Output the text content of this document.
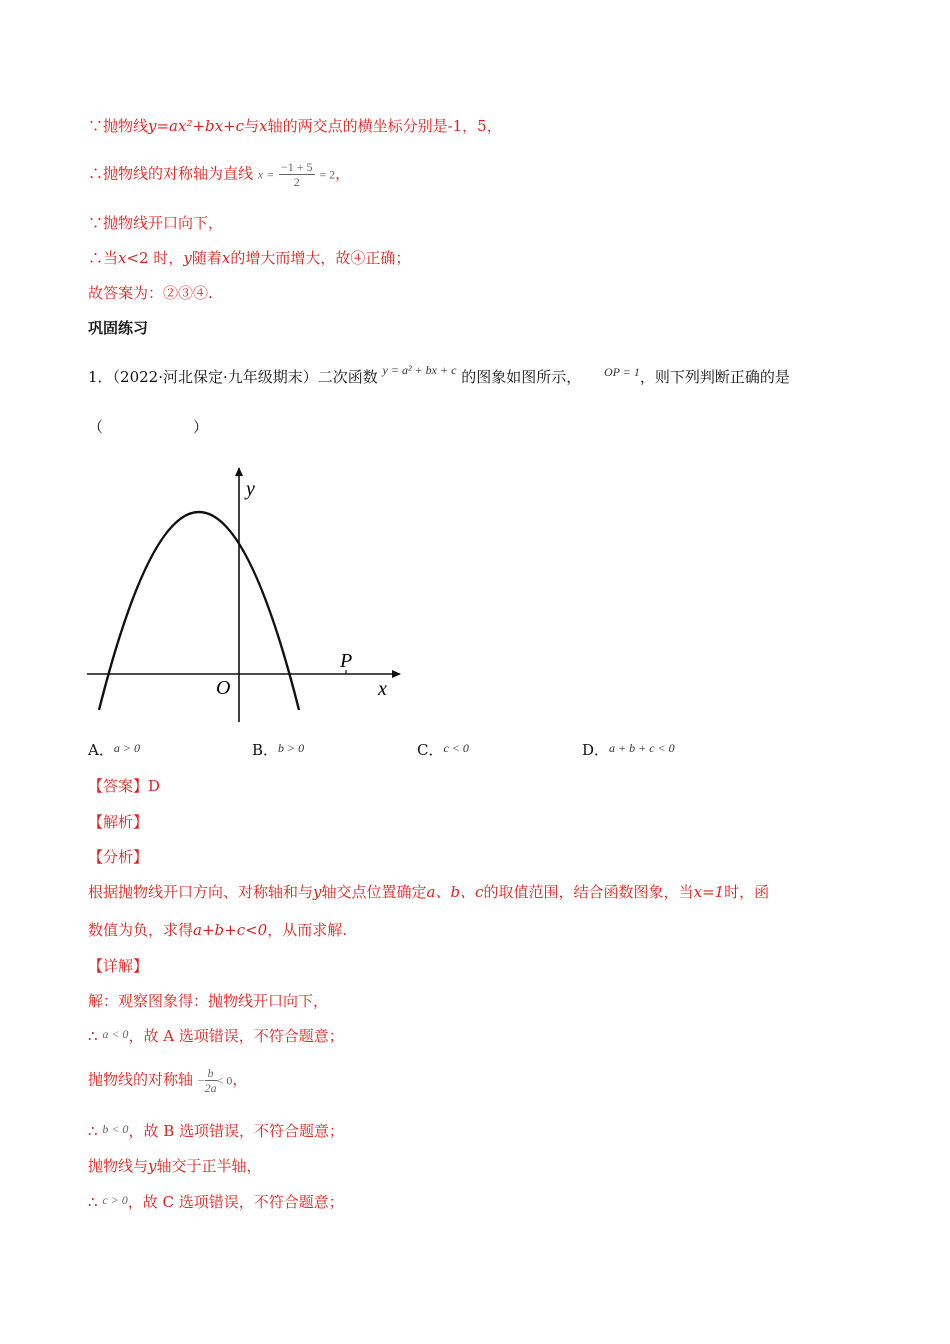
∵抛物线y=ax²+bx+c与x轴的两交点的横坐标分别是-1，5，
∴抛物线的对称轴为直线 $x = \frac{-1 + 5}{2} = 2$，
∵抛物线开口向下，
∴当x<2 时，y随着x的增大而增大，故④正确；
故答案为：②③④.
巩固练习
1．（2022·河北保定·九年级期末）二次函数 $^{y = a^2 + bx + c}$ 的图象如图所示， $^{OP = 1}$，则下列判断正确的是
（　　　　　　）
y
x
O
P
A．$^{a > 0}$	B．$^{b > 0}$	C．$^{c < 0}$	D．$^{a + b + c < 0}$
【答案】D
【解析】
【分析】
根据抛物线开口方向、对称轴和与y轴交点位置确定a、b、c的取值范围，结合函数图象，当x=1时，函
数值为负，求得a+b+c<0，从而求解.
【详解】
解：观察图象得：抛物线开口向下，
∴ $^{a < 0}$，故 A 选项错误，不符合题意；
抛物线的对称轴 − $\frac{b}{2a} < 0$，
∴ $^{b < 0}$，故 B 选项错误，不符合题意；
抛物线与y轴交于正半轴，
∴ $^{c > 0}$，故 C 选项错误，不符合题意；
